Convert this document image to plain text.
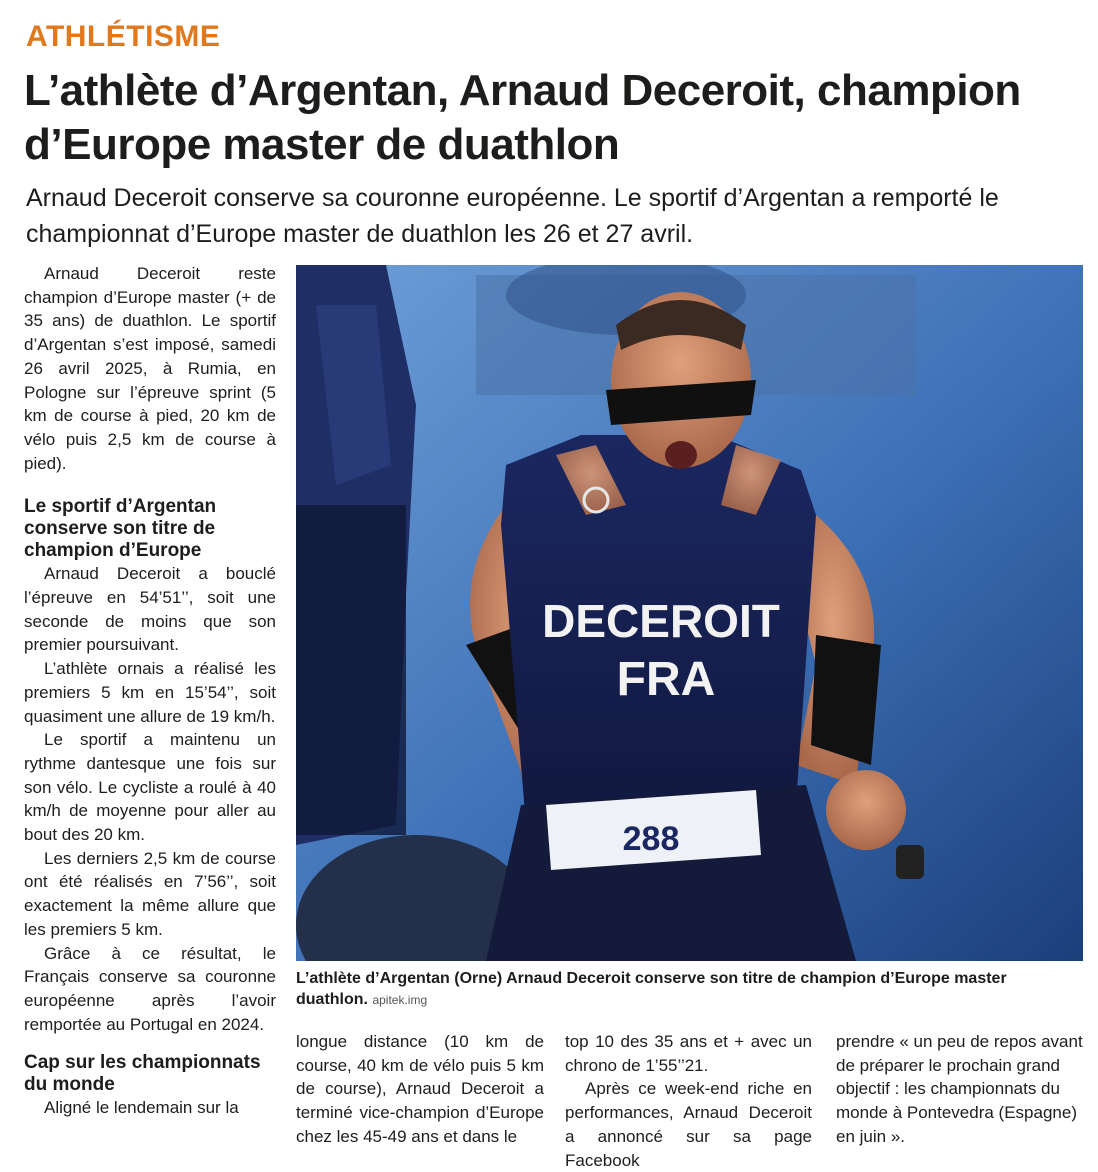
ATHLÉTISME
L’athlète d’Argentan, Arnaud Deceroit, champion d’Europe master de duathlon

Arnaud Deceroit conserve sa couronne européenne. Le sportif d’Argentan a remporté le championnat d’Europe master de duathlon les 26 et 27 avril.

Arnaud Deceroit reste champion d’Europe master (+ de 35 ans) de duathlon. Le sportif d’Argentan s’est imposé, samedi 26 avril 2025, à Rumia, en Pologne sur l’épreuve sprint (5 km de course à pied, 20 km de vélo puis 2,5 km de course à pied).

Le sportif d’Argentan conserve son titre de champion d’Europe

Arnaud Deceroit a bouclé l’épreuve en 54’51’’, soit une seconde de moins que son premier poursuivant.

L’athlète ornais a réalisé les premiers 5 km en 15’54’’, soit quasiment une allure de 19 km/h.

Le sportif a maintenu un rythme dantesque une fois sur son vélo. Le cycliste a roulé à 40 km/h de moyenne pour aller au bout des 20 km.

Les derniers 2,5 km de course ont été réalisés en 7’56’’, soit exactement la même allure que les premiers 5 km.

Grâce à ce résultat, le Français conserve sa couronne européenne après l’avoir remportée au Portugal en 2024.

Cap sur les championnats du monde

Aligné le lendemain sur la

DECEROIT
FRA
288

L’athlète d’Argentan (Orne) Arnaud Deceroit conserve son titre de champion d’Europe master duathlon. apitek.img

longue distance (10 km de course, 40 km de vélo puis 5 km de course), Arnaud Deceroit a terminé vice-champion d’Europe chez les 45-49 ans et dans le

top 10 des 35 ans et + avec un chrono de 1’55’’21.

Après ce week-end riche en performances, Arnaud Deceroit a annoncé sur sa page Facebook

prendre « un peu de repos avant de préparer le prochain grand objectif : les championnats du monde à Pontevedra (Espagne) en juin ».
